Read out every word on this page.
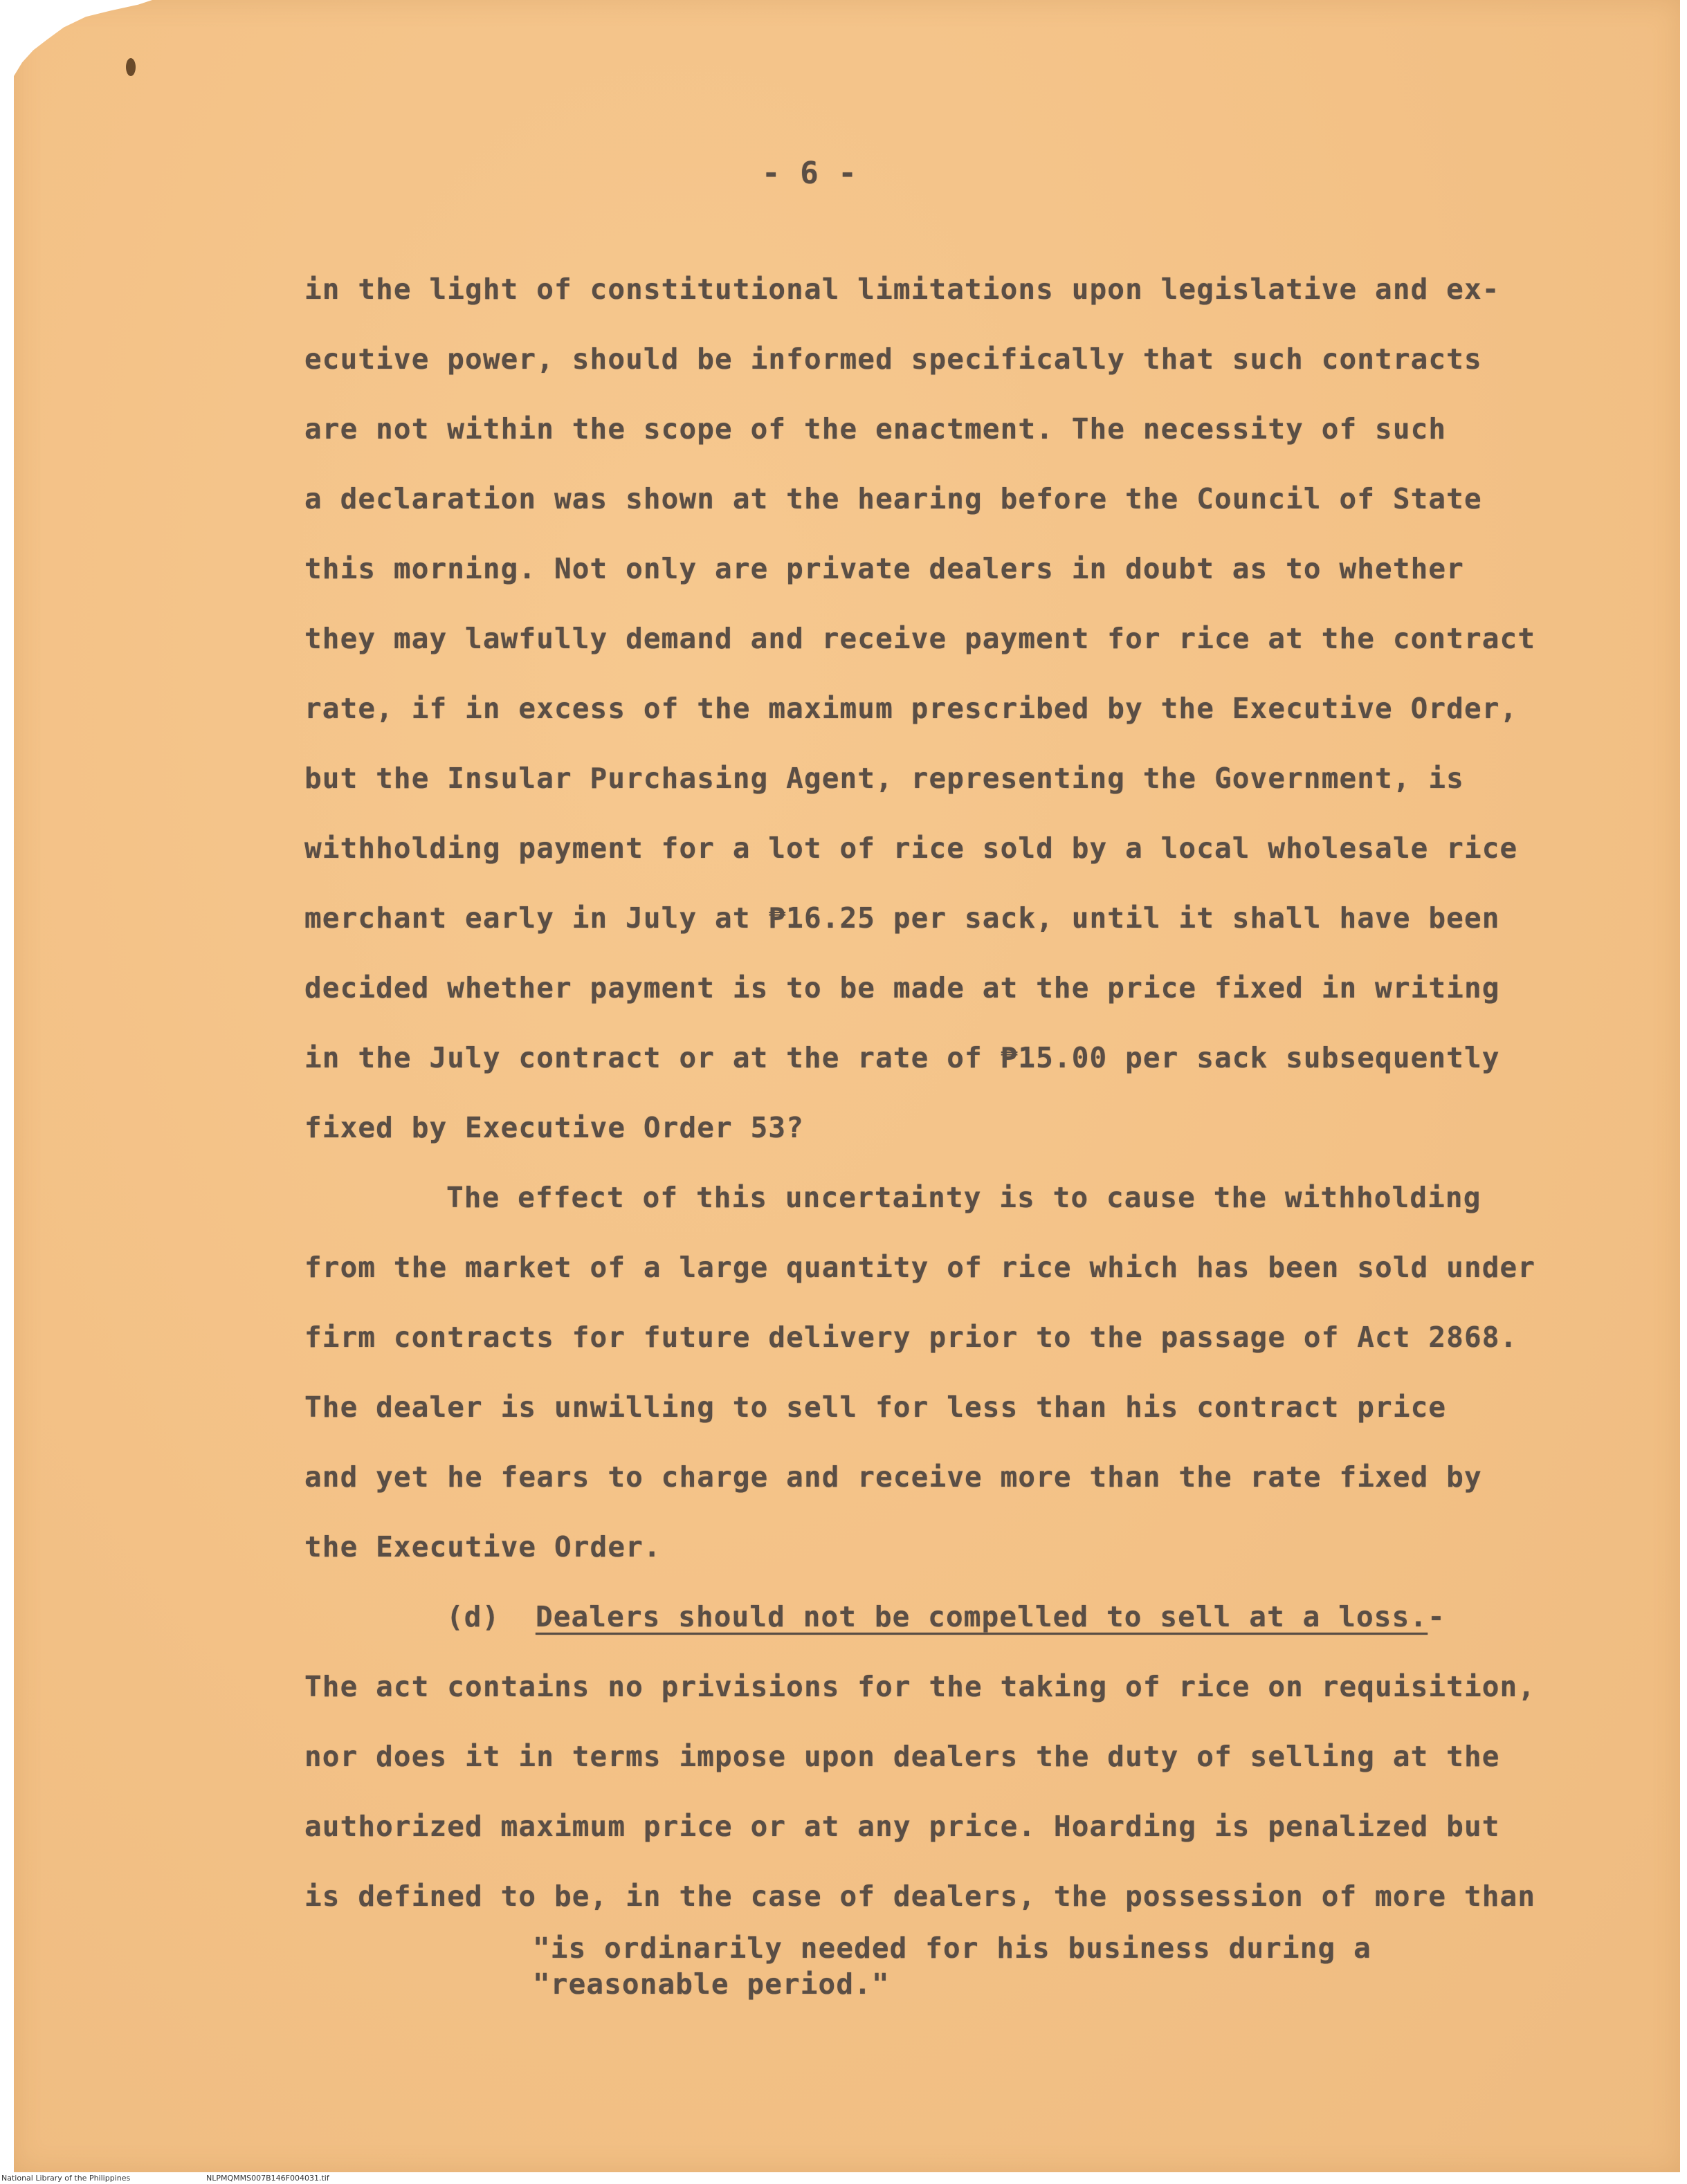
- 6 -
in the light of constitutional limitations upon legislative and ex-
ecutive power, should be informed specifically that such contracts
are not within the scope of the enactment. The necessity of such
a declaration was shown at the hearing before the Council of State
this morning. Not only are private dealers in doubt as to whether
they may lawfully demand and receive payment for rice at the contract
rate, if in excess of the maximum prescribed by the Executive Order,
but the Insular Purchasing Agent, representing the Government, is
withholding payment for a lot of rice sold by a local wholesale rice
merchant early in July at ₱16.25 per sack, until it shall have been
decided whether payment is to be made at the price fixed in writing
in the July contract or at the rate of ₱15.00 per sack subsequently
fixed by Executive Order 53?
The effect of this uncertainty is to cause the withholding
from the market of a large quantity of rice which has been sold under
firm contracts for future delivery prior to the passage of Act 2868.
The dealer is unwilling to sell for less than his contract price
and yet he fears to charge and receive more than the rate fixed by
the Executive Order.
(d) Dealers should not be compelled to sell at a loss.-
The act contains no privisions for the taking of rice on requisition,
nor does it in terms impose upon dealers the duty of selling at the
authorized maximum price or at any price. Hoarding is penalized but
is defined to be, in the case of dealers, the possession of more than
"is ordinarily needed for his business during a
"reasonable period."
National Library of the Philippines	NLPMQMMS007B146F004031.tif
